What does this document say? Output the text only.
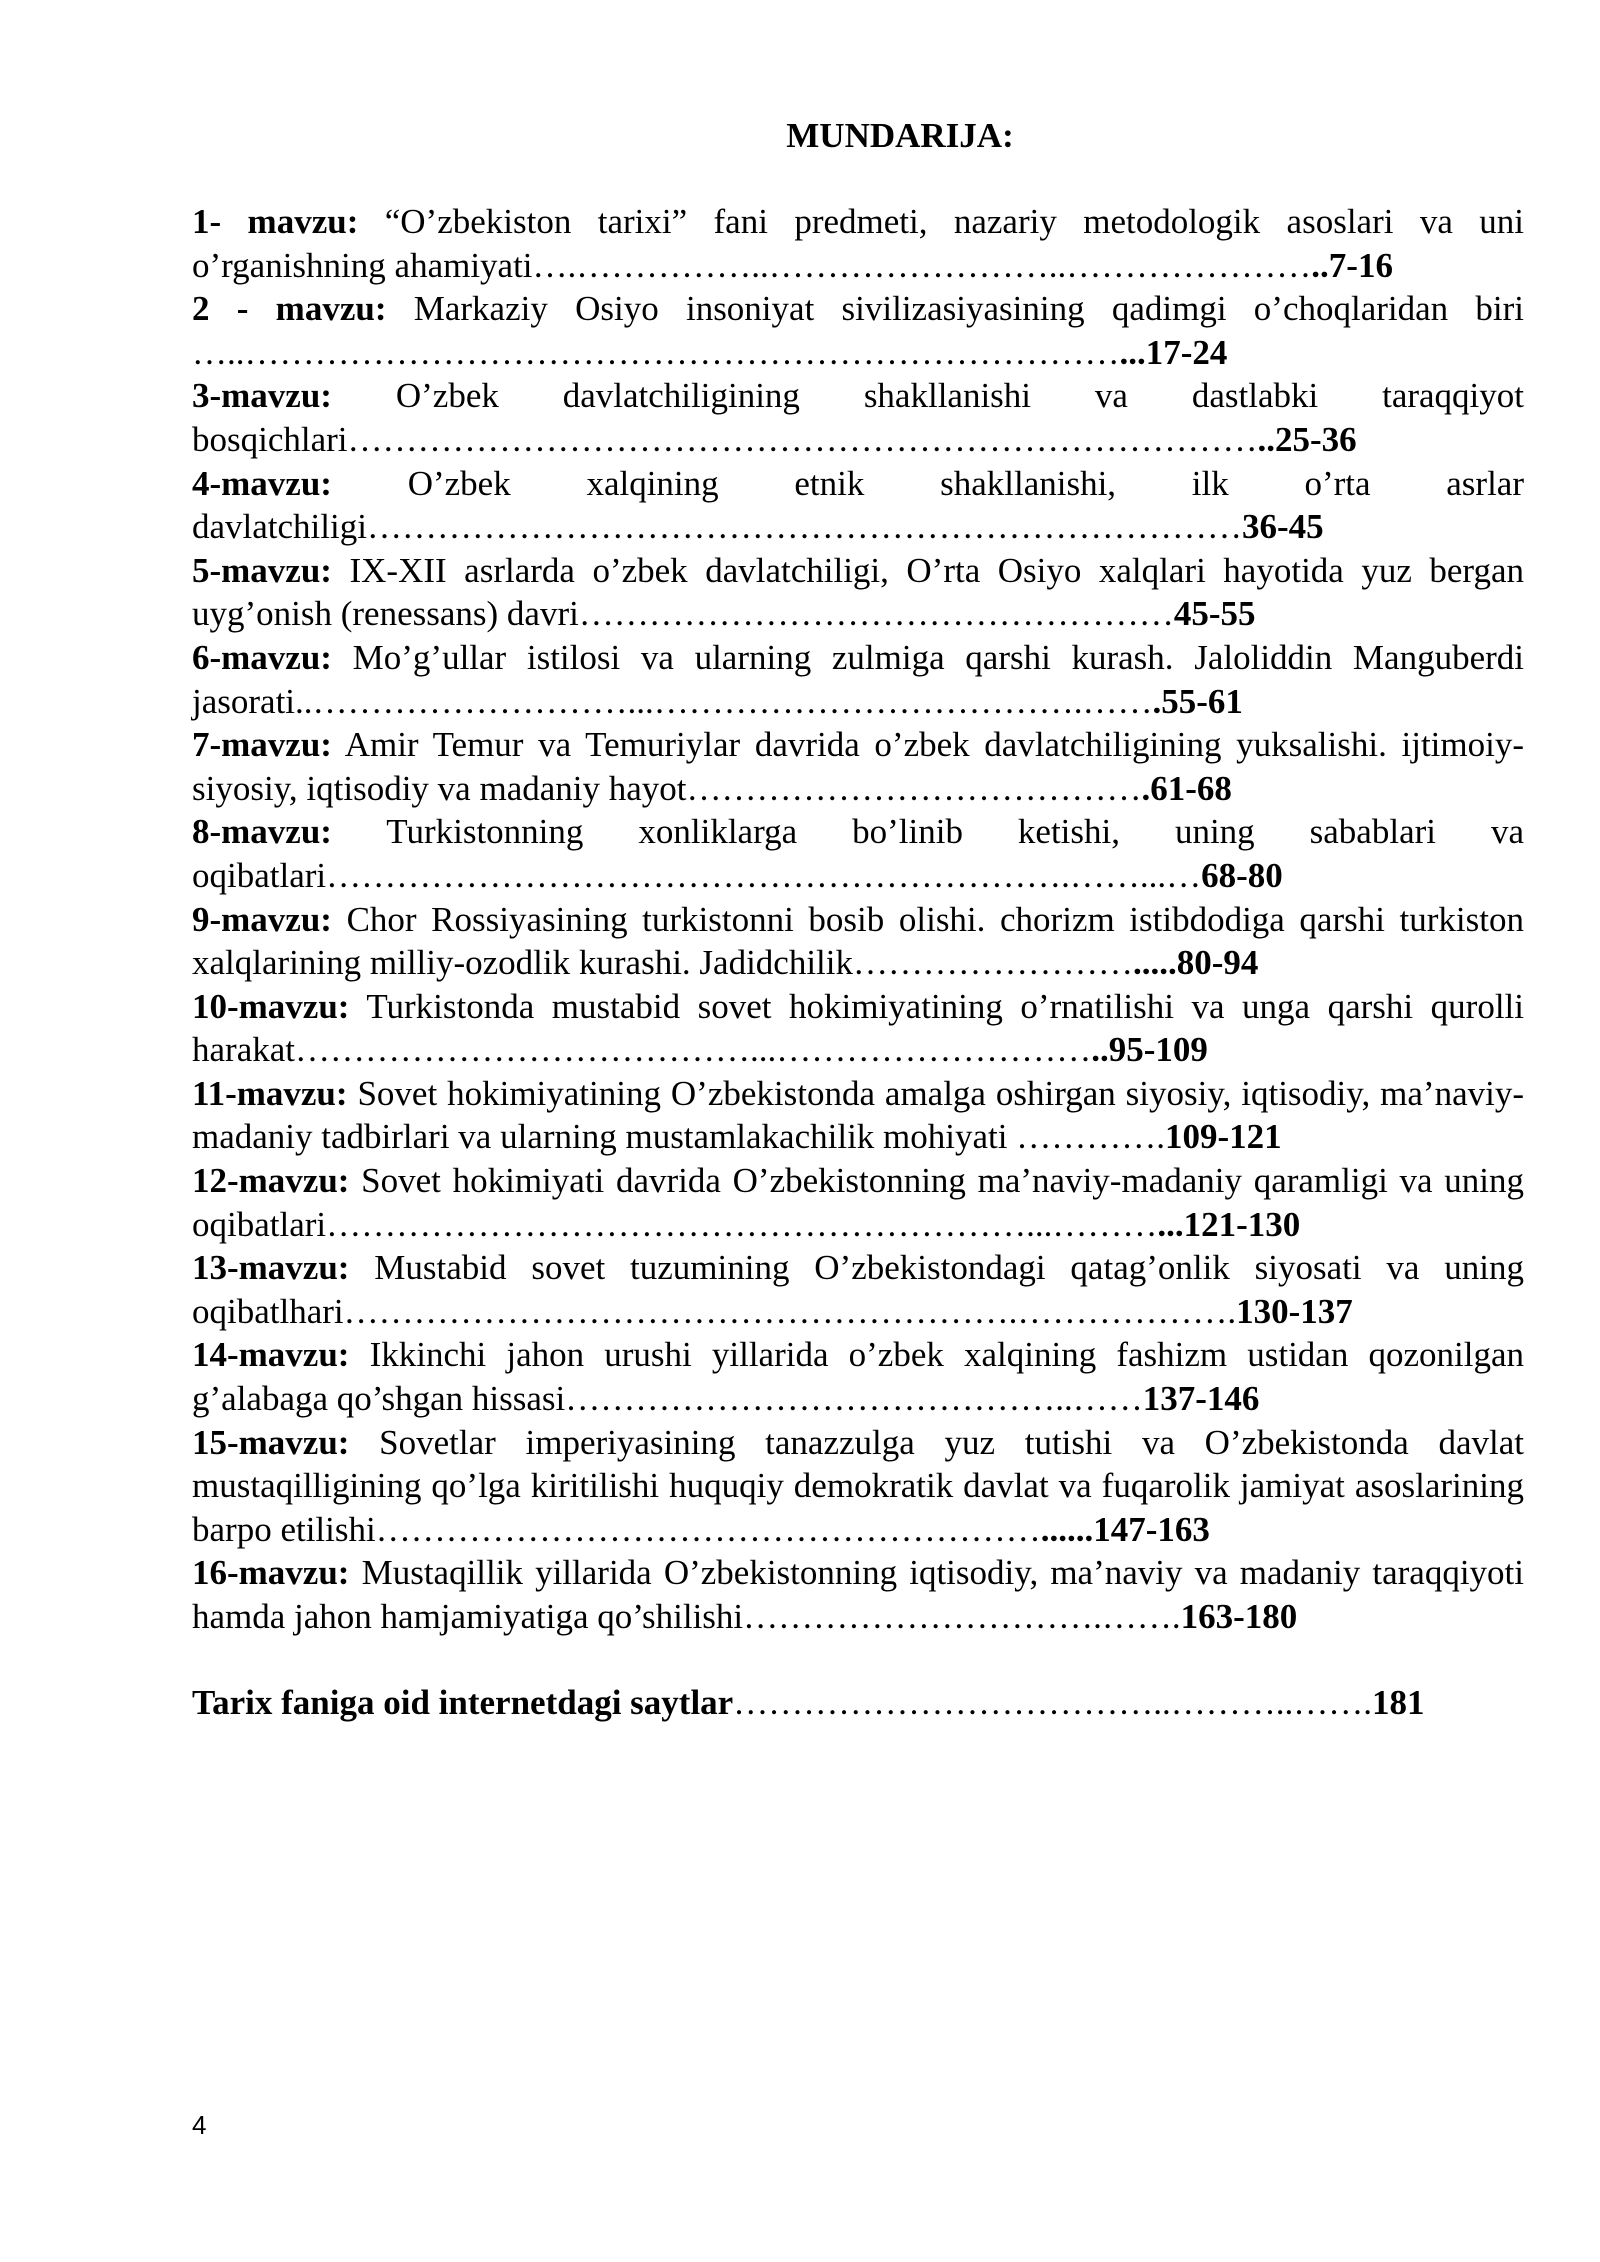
MUNDARIJA:

1- mavzu: “O’zbekiston tarixi” fani predmeti, nazariy metodologik asoslari va uni o’rganishning ahamiyati….……………..……………………..…………………..7-16

2 - mavzu: Markaziy Osiyo insoniyat sivilizasiyasining qadimgi o’choqlaridan biri …..…………………………………………………………………...17-24

3-mavzu: O’zbek davlatchiligining shakllanishi va dastlabki taraqqiyot bosqichlari……………………………………………………………………..25-36

4-mavzu: O’zbek xalqining etnik shakllanishi, ilk o’rta asrlar davlatchiligi…………………………………………………………………36-45

5-mavzu: IX-XII asrlarda o’zbek davlatchiligi, O’rta Osiyo xalqlari hayotida yuz bergan uyg’onish (renessans) davri……………………………………………45-55

6-mavzu: Mo’g’ullar istilosi va ularning zulmiga qarshi kurash. Jaloliddin Manguberdi jasorati..………………………...……………………………….…….55-61

7-mavzu: Amir Temur va Temuriylar davrida o’zbek davlatchiligining yuksalishi. ijtimoiy-siyosiy, iqtisodiy va madaniy hayot………………………………….61-68

8-mavzu: Turkistonning xonliklarga bo’linib ketishi, uning sabablari va oqibatlari……………………………………………………….……...…68-80

9-mavzu: Chor Rossiyasining turkistonni bosib olishi. chorizm istibdodiga qarshi turkiston xalqlarining milliy-ozodlik kurashi. Jadidchilik…………………….....80-94

10-mavzu: Turkistonda mustabid sovet hokimiyatining o’rnatilishi va unga qarshi qurolli harakat…………………………………...………………………..95-109

11-mavzu: Sovet hokimiyatining O’zbekistonda amalga oshirgan siyosiy, iqtisodiy, ma’naviy-madaniy tadbirlari va ularning mustamlakachilik mohiyati ………….109-121

12-mavzu: Sovet hokimiyati davrida O’zbekistonning ma’naviy-madaniy qaramligi va uning oqibatlari……………………………………………………...………...121-130

13-mavzu: Mustabid sovet tuzumining O’zbekistondagi qatag’onlik siyosati va uning oqibatlhari………………………………………………….……………….130-137

14-mavzu: Ikkinchi jahon urushi yillarida o’zbek xalqining fashizm ustidan qozonilgan g’alabaga qo’shgan hissasi……………………………………..……137-146

15-mavzu: Sovetlar imperiyasining tanazzulga yuz tutishi va O’zbekistonda davlat mustaqilligining qo’lga kiritilishi huquqiy demokratik davlat va fuqarolik jamiyat asoslarining barpo etilishi…………………………………………………......147-163

16-mavzu: Mustaqillik yillarida O’zbekistonning iqtisodiy, ma’naviy va madaniy taraqqiyoti hamda jahon hamjamiyatiga qo’shilishi………………………….…….163-180

Tarix faniga oid internetdagi saytlar………………………………..………..…….181
4
